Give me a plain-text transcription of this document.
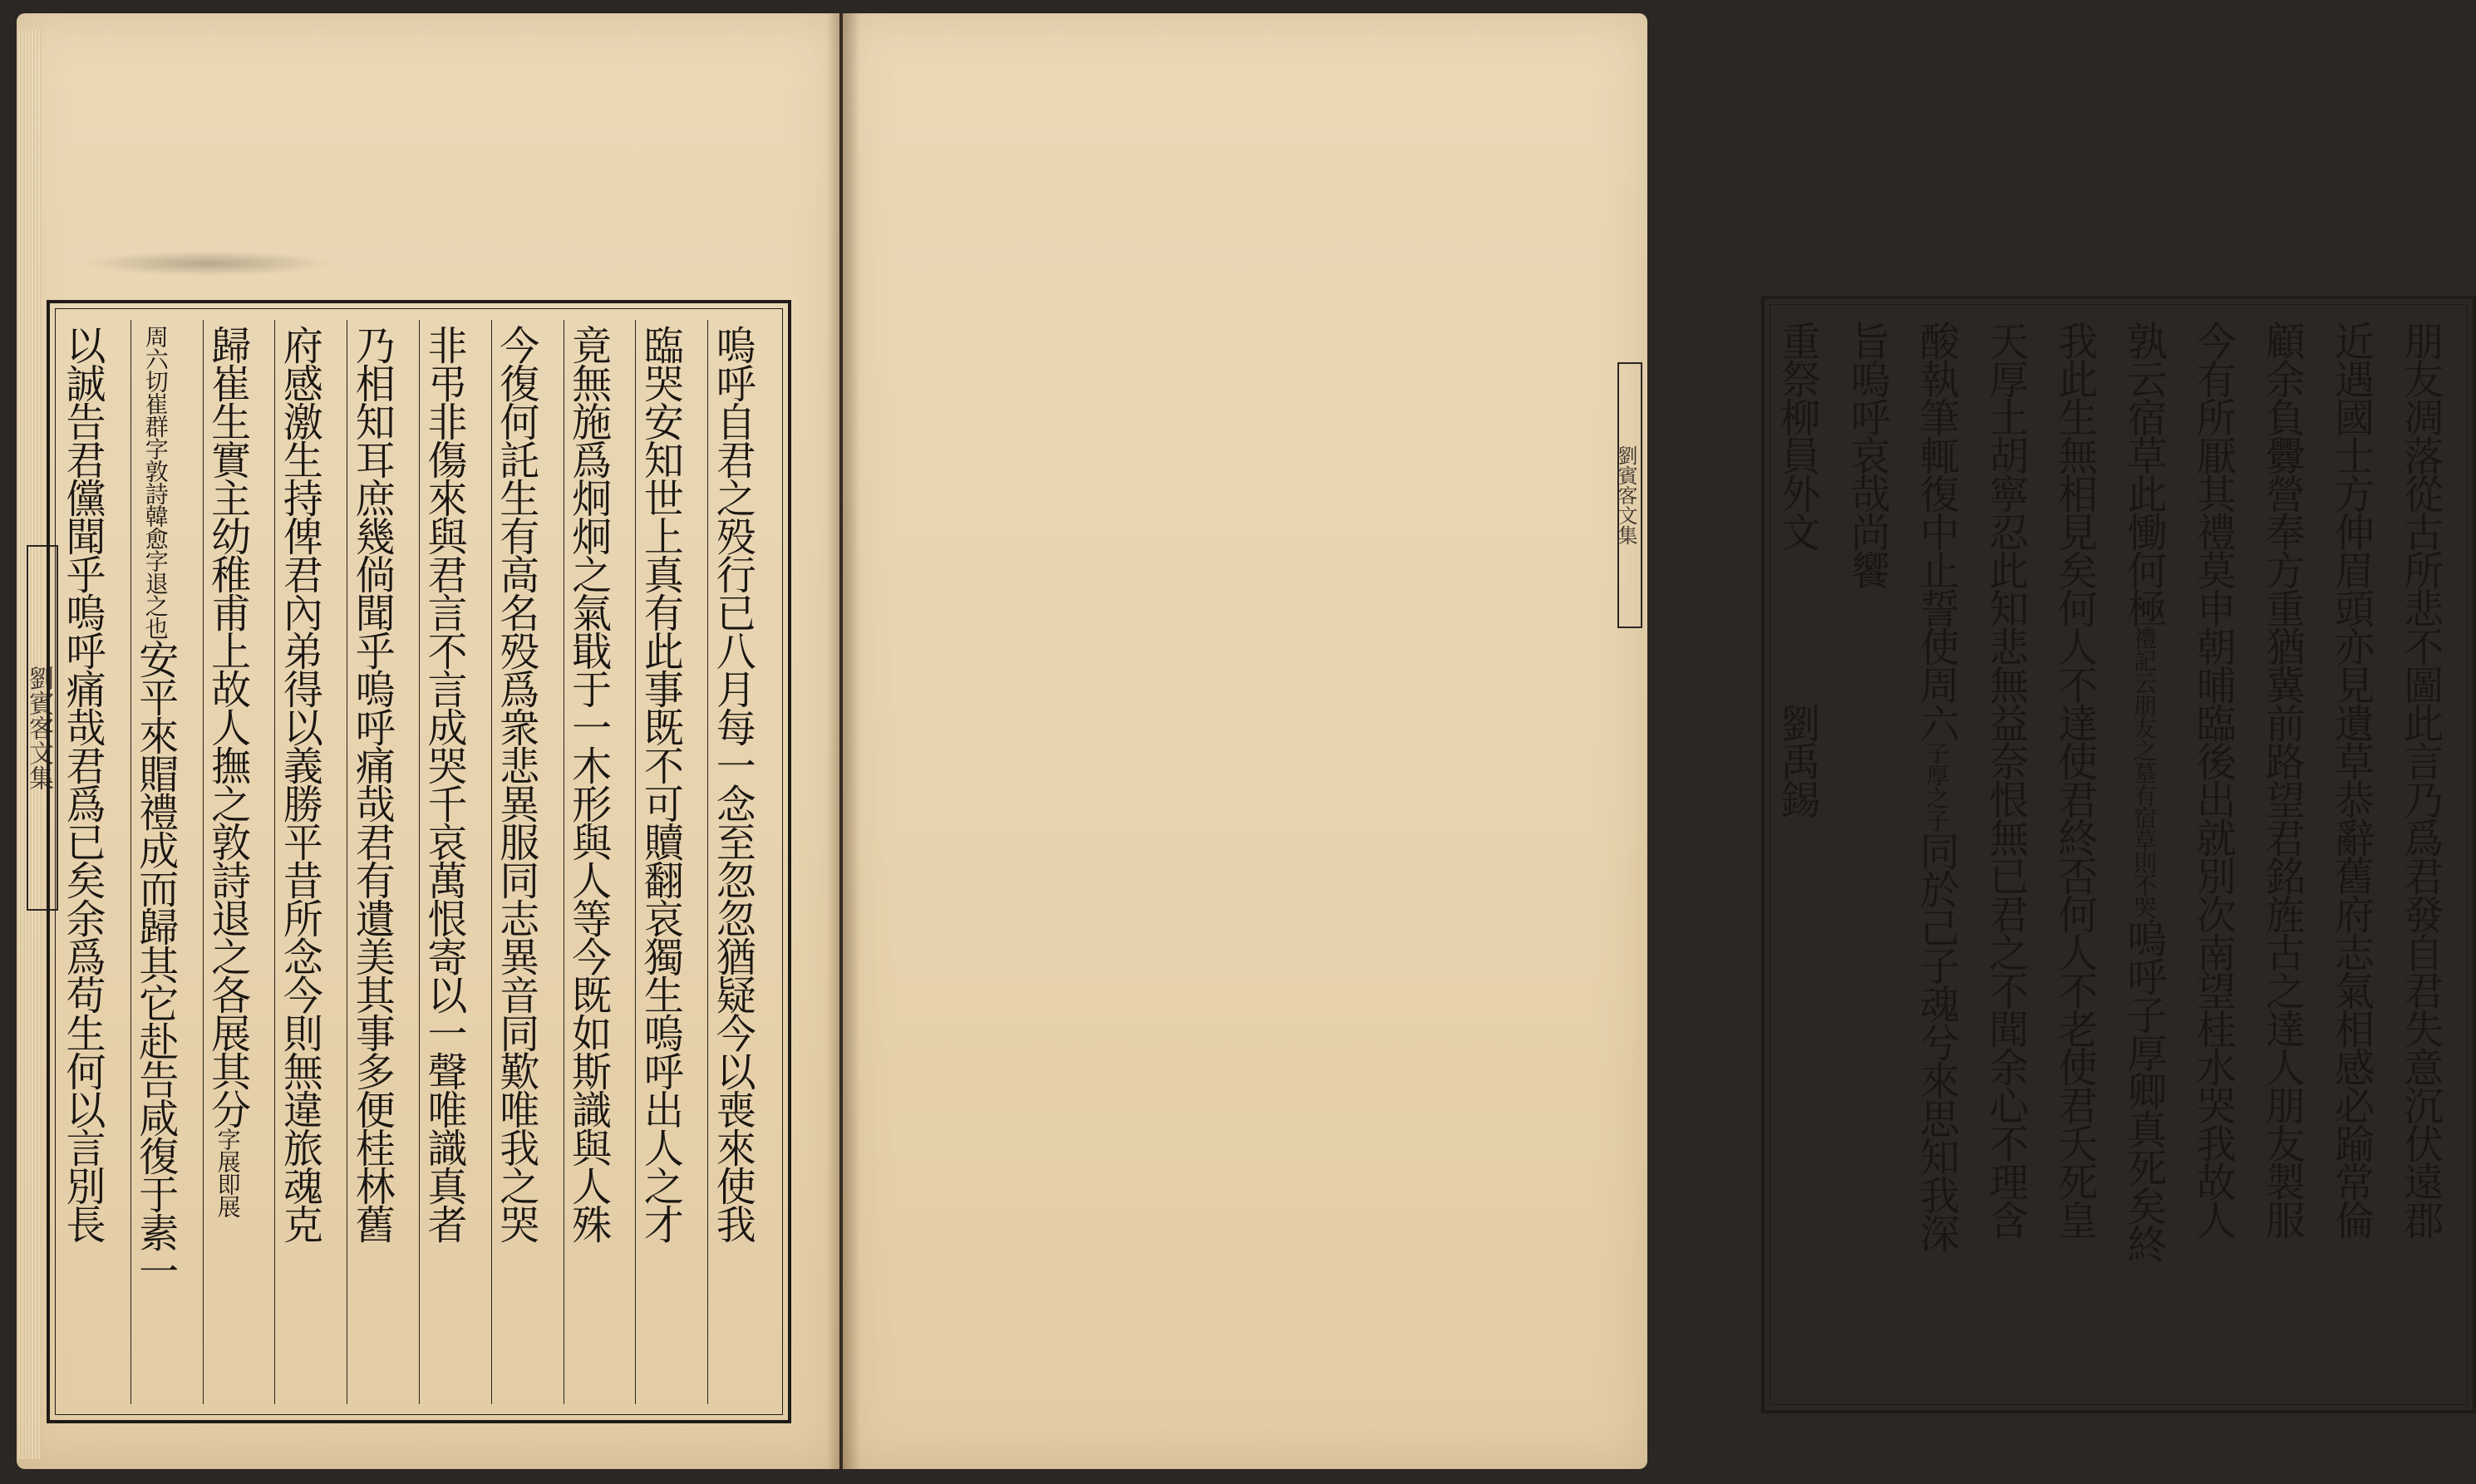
劉賓客文集	嗚呼自君之殁行已八月每一念至忽忽猶疑今以喪來使我
臨哭安知世上真有此事既不可贖翻哀獨生嗚呼出人之才
竟無施爲炯炯之氣戢于一木形與人等今既如斯識與人殊
今復何託生有高名殁爲衆悲異服同志異音同歎唯我之哭
非弔非傷來與君言不言成哭千哀萬恨寄以一聲唯識真者
乃相知耳庶幾倘聞乎嗚呼痛哉君有遺美其事多便桂林舊
府感激生持俾君內弟得以義勝平昔所念今則無違旅魂克
歸崔生實主幼稚甫上故人撫之敦詩退之各展其分字展即展
周六切崔群字敦詩韓愈字退之也安平來賵禮成而歸其它赴告咸復于素一
以誠告君儻聞乎嗚呼痛哉君爲已矣余爲苟生何以言別長	劉賓客文集	朋友凋落從古所悲不圖此言乃爲君發自君失意沉伏遠郡
近遇國士方伸眉頭亦見遺草恭辭舊府志氣相感必踰常倫
顧余負釁營奉方重猶冀前路望君銘旌古之達人朋友製服
今有所厭其禮莫申朝晡臨後出就別次南望桂水哭我故人
孰云宿草此慟何極禮記云朋友之墓有宿草則不哭嗚呼子厚卿真死矣終
我此生無相見矣何人不達使君終否何人不老使君夭死皇
天厚土胡寧忍此知悲無益奈恨無已君之不聞余心不理含
酸執筆輒復中止誓使周六子厚之子同於己子魂兮來思知我深
旨嗚呼哀哉尚饗
重祭柳員外文　　　　劉禹錫
